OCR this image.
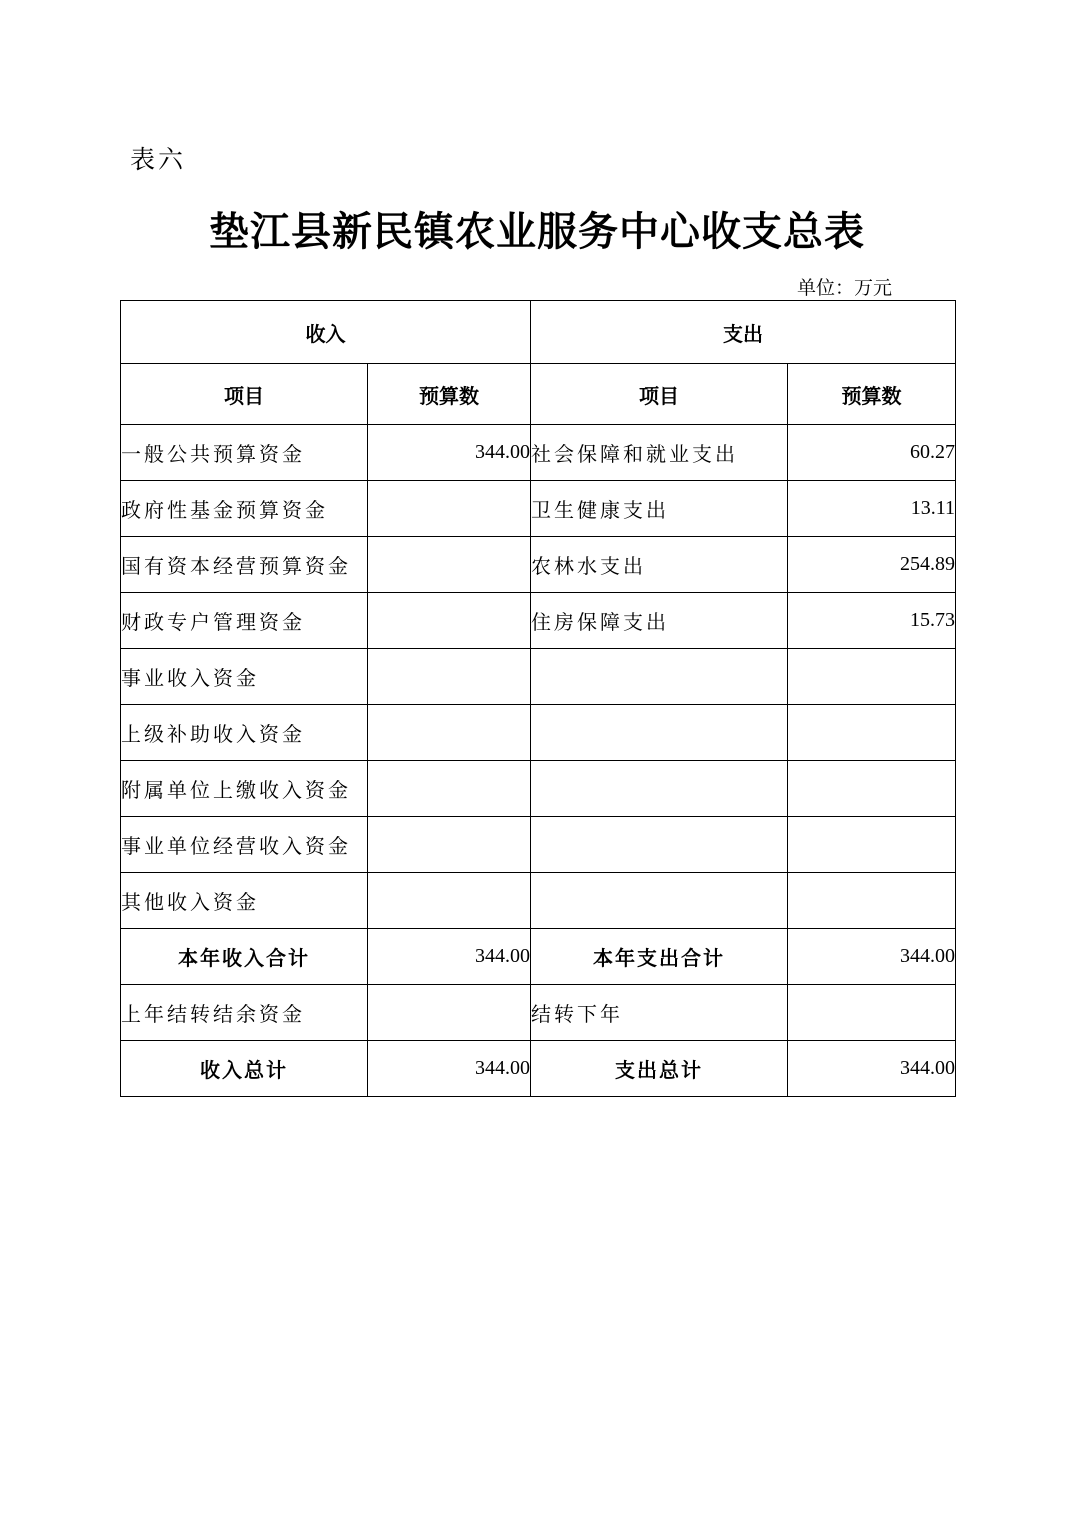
表六
垫江县新民镇农业服务中心收支总表
单位：万元
收入		支出	
项目	预算数	项目	预算数
一般公共预算资金	344.00	社会保障和就业支出	60.27
政府性基金预算资金		卫生健康支出	13.11
国有资本经营预算资金		农林水支出	254.89
财政专户管理资金		住房保障支出	15.73
事业收入资金			
上级补助收入资金			
附属单位上缴收入资金			
事业单位经营收入资金			
其他收入资金			
本年收入合计	344.00	本年支出合计	344.00
上年结转结余资金		结转下年	
收入总计	344.00	支出总计	344.00
